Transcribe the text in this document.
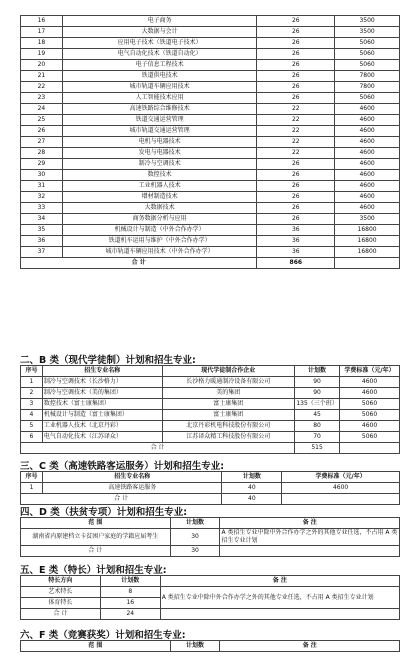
16	电子商务	26	3500
17	大数据与会计	26	3500
18	应用电子技术（铁道电子技术）	26	5060
19	电气自动化技术（铁道自动化）	26	5060
20	电子信息工程技术	26	5060
21	铁道供电技术	26	7800
22	城市轨道车辆应用技术	26	7800
23	人工智能技术应用	26	5060
24	高速铁路综合维修技术	22	4600
25	铁道交通运营管理	22	4600
26	城市轨道交通运营管理	22	4600
27	电机与电器技术	22	4600
28	发电与电器技术	22	4600
29	制冷与空调技术	26	4600
30	数控技术	26	4600
31	工业机器人技术	26	4600
32	增材制造技术	26	4600
33	大数据技术	26	4600
34	商务数据分析与应用	26	3500
35	机械设计与制造（中外合作办学）	36	16800
36	铁道机车运用与维护（中外合作办学）	36	16800
37	城市轨道车辆应用技术（中外合作办学）	36	16800
合 计		866	
二、B 类（现代学徒制）计划和招生专业:
序号	招生专业名称	现代学徒制合作企业	计划数	学费标准（元/年）
1	制冷与空调技术（长沙格力）	长沙格力暖通制冷设备有限公司	90	4600
2	制冷与空调技术（美的集团）	美的集团	90	4600
3	数控技术（富士康集团）	富士康集团	135（三个班）	5060
4	机械设计与制造（富士康集团）	富士康集团	45	5060
5	工业机器人技术（北京丹彩）	北京丹彩机电科技股份有限公司	80	4600
6	电气自动化技术（江苏译众）	江苏译众精工科技股份有限公司	70	5060
合 计			515	
三、C 类（高速铁路客运服务）计划和招生专业:
序号	招生专业名称	计划数	学费标准（元/年）
1	高速铁路客运服务	40	4600
合 计		40	
四、D 类（扶贫专项）计划和招生专业:
范 围	计划数	备 注
湖南省内原建档立卡贫困户家庭的学籍应届考生	30	A 类招生专业中除中外合作办学之外的其他专业任选，不占用 A 类招生专业计划
合 计	30	
五、E 类（特长）计划和招生专业:
特长方向	计划数	备 注
艺术特长	8	A 类招生专业中除中外合作办学之外的其他专业任选，不占用 A 类招生专业计划
体育特长	16	
合 计	24	
六、F 类（竞赛获奖）计划和招生专业:
范 围	计划数	备 注
